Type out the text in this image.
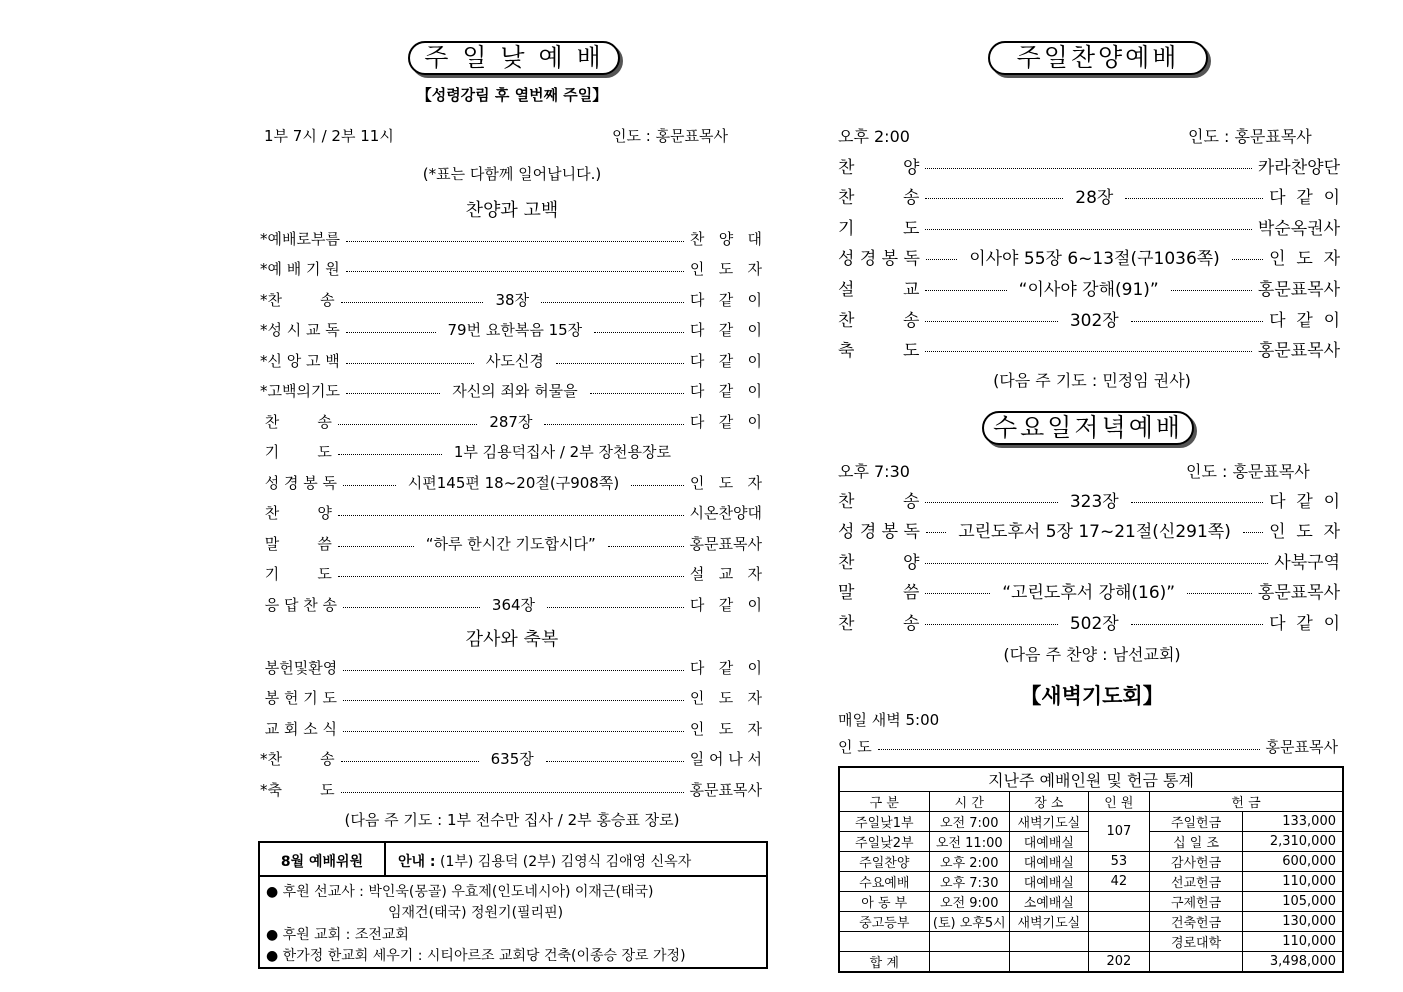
주 일 낮 예 배
【성령강림 후 열번째 주일】
1부 7시 / 2부 11시	인도 : 홍문표목사
(*표는 다함께 일어납니다.)
찬양과 고백
*예배로부름	찬   양   대
*예 배 기 원	인   도   자
*찬        송	38장	다   같   이
*성 시 교 독	79번 요한복음 15장	다   같   이
*신 앙 고 백	사도신경	다   같   이
*고백의기도	자신의 죄와 허물을	다   같   이
찬        송	287장	다   같   이
기        도	1부 김용덕집사 / 2부 장천용장로
성 경 봉 독	시편145편 18~20절(구908쪽)	인   도   자
찬        양	시온찬양대
말        씀	“하루 한시간 기도합시다”	홍문표목사
기        도	설   교   자
응 답 찬 송	364장	다   같   이
감사와 축복
봉헌및환영	다   같   이
봉 헌 기 도	인   도   자
교 회 소 식	인   도   자
*찬        송	635장	일 어 나 서
*축        도	홍문표목사
(다음 주 기도 : 1부 전수만 집사 / 2부 홍승표 장로)
8월 예배위원	안내 : (1부) 김용덕 (2부) 김영식 김애영 신옥자
● 후원 선교사 : 박인욱(몽골) 우효제(인도네시아) 이재근(태국)
임재건(태국) 정원기(필리핀)
● 후원 교회 : 조전교회
● 한가정 한교회 세우기 : 시티아르조 교회당 건축(이종승 장로 가정)
주일찬양예배
오후 2:00	인도 : 홍문표목사
찬         양	카라찬양단
찬         송	28장	다  같  이
기         도	박순옥권사
성 경 봉 독	이사야 55장 6~13절(구1036쪽)	인  도  자
설         교	“이사야 강해(91)”	홍문표목사
찬         송	302장	다  같  이
축         도	홍문표목사
(다음 주 기도 : 민정임 권사)
수요일저녁예배
오후 7:30	인도 : 홍문표목사
찬         송	323장	다  같  이
성 경 봉 독	고린도후서 5장 17~21절(신291쪽)	인  도  자
찬         양	사북구역
말         씀	“고린도후서 강해(16)”	홍문표목사
찬         송	502장	다  같  이
(다음 주 찬양 : 남선교회)
【새벽기도회】
매일 새벽 5:00
인 도	홍문표목사
지난주 예배인원 및 헌금 통계					
구 분	시 간	장 소	인 원	헌 금	
주일낮1부	오전 7:00	새벽기도실	107	주일헌금	133,000
주일낮2부	오전 11:00	대예배실		십 일 조	2,310,000
주일찬양	오후 2:00	대예배실	53	감사헌금	600,000
수요예배	오후 7:30	대예배실	42	선교헌금	110,000
아 동 부	오전 9:00	소예배실		구제헌금	105,000
중고등부	(토) 오후5시	새벽기도실		건축헌금	130,000
				경로대학	110,000
합 계			202		3,498,000
